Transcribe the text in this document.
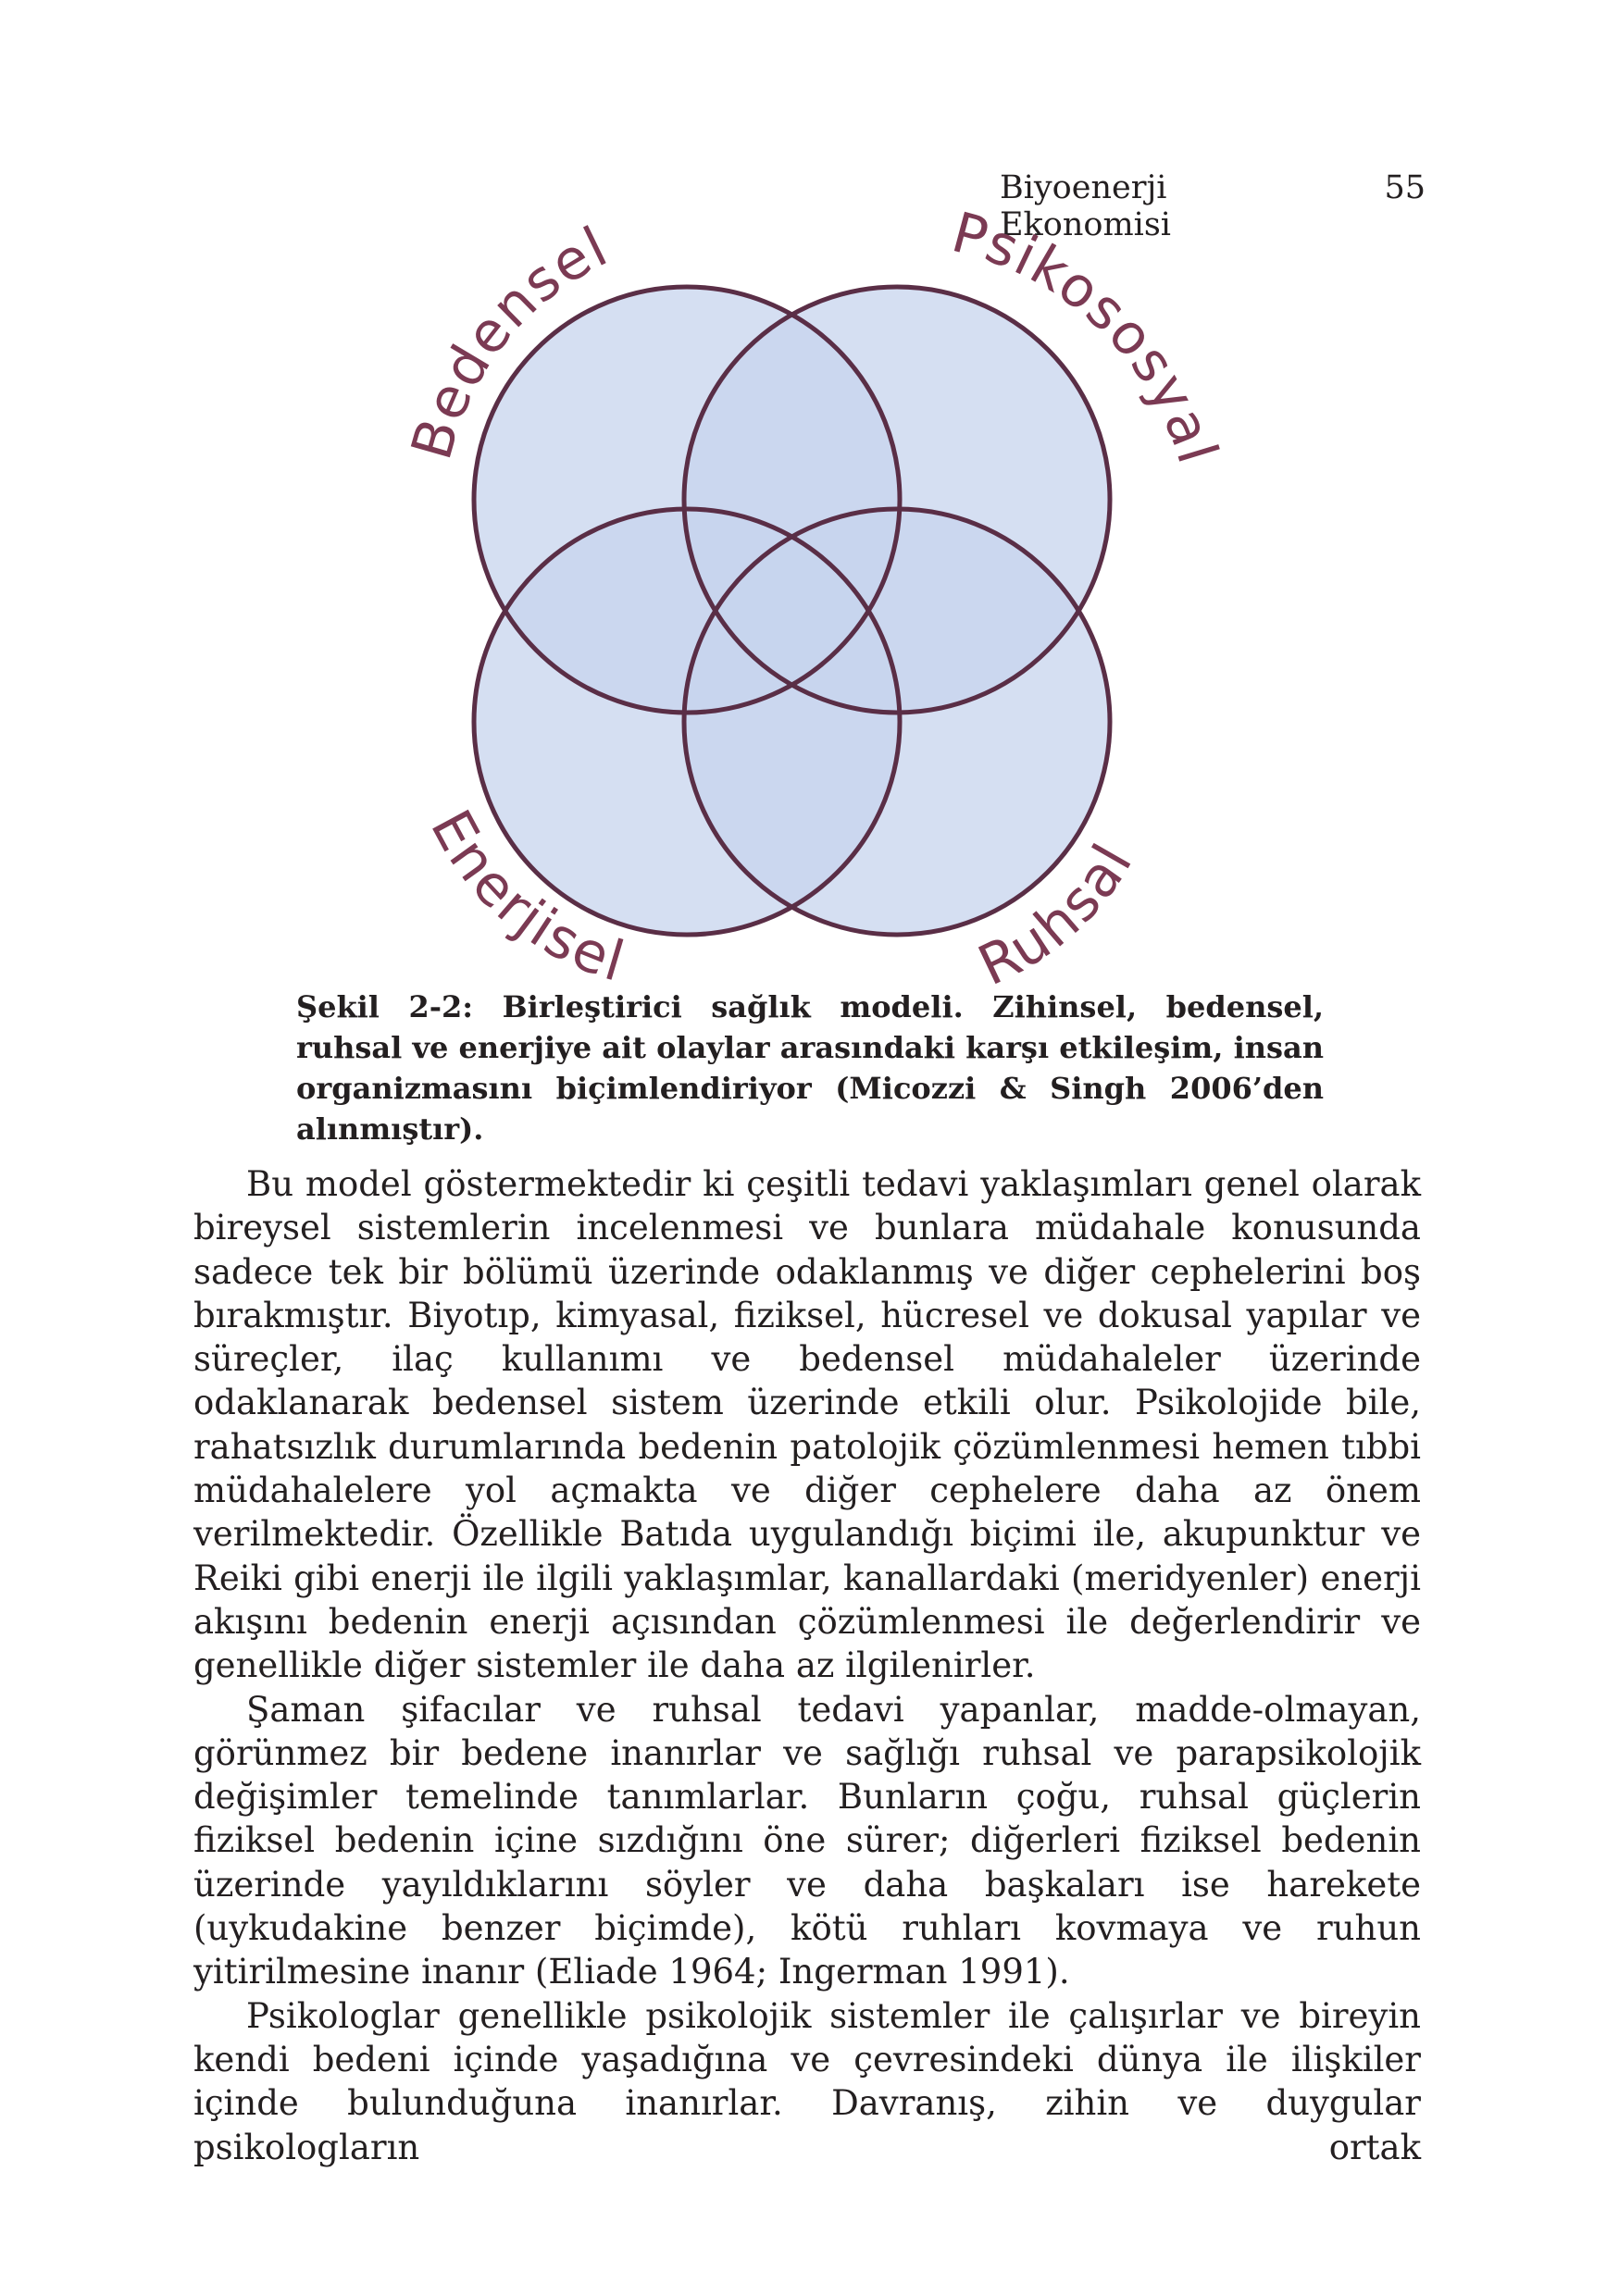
Biyoenerji Ekonomisi
55
Bedensel	Psikososyal
Enerjisel	Ruhsal
Şekil 2-2: Birleştirici sağlık modeli. Zihinsel, bedensel, ruhsal ve enerjiye ait olaylar arasındaki karşı etkileşim, insan organizmasını biçimlendiriyor (Micozzi & Singh 2006’den alınmıştır).

Bu model göstermektedir ki çeşitli tedavi yaklaşımları genel olarak bireysel sistemlerin incelenmesi ve bunlara müdahale konusunda sadece tek bir bölümü üzerinde odaklanmış ve diğer cephelerini boş bırakmıştır. Biyotıp, kimyasal, fiziksel, hücresel ve dokusal yapılar ve süreçler, ilaç kullanımı ve bedensel müdahaleler üzerinde odaklanarak bedensel sistem üzerinde etkili olur. Psikolojide bile, rahatsızlık durumlarında bedenin patolojik çözümlenmesi hemen tıbbi müdahalelere yol açmakta ve diğer cephelere daha az önem verilmektedir. Özellikle Batıda uygulandığı biçimi ile, akupunktur ve Reiki gibi enerji ile ilgili yaklaşımlar, kanallardaki (meridyenler) enerji akışını bedenin enerji açısından çözümlenmesi ile değerlendirir ve genellikle diğer sistemler ile daha az ilgilenirler.

Şaman şifacılar ve ruhsal tedavi yapanlar, madde-olmayan, görünmez bir bedene inanırlar ve sağlığı ruhsal ve parapsikolojik değişimler temelinde tanımlarlar. Bunların çoğu, ruhsal güçlerin fiziksel bedenin içine sızdığını öne sürer; diğerleri fiziksel bedenin üzerinde yayıldıklarını söyler ve daha başkaları ise harekete (uykudakine benzer biçimde), kötü ruhları kovmaya ve ruhun yitirilmesine inanır (Eliade 1964; Ingerman 1991).

Psikologlar genellikle psikolojik sistemler ile çalışırlar ve bireyin kendi bedeni içinde yaşadığına ve çevresindeki dünya ile ilişkiler içinde bulunduğuna inanırlar. Davranış, zihin ve duygular psikologların ortak
